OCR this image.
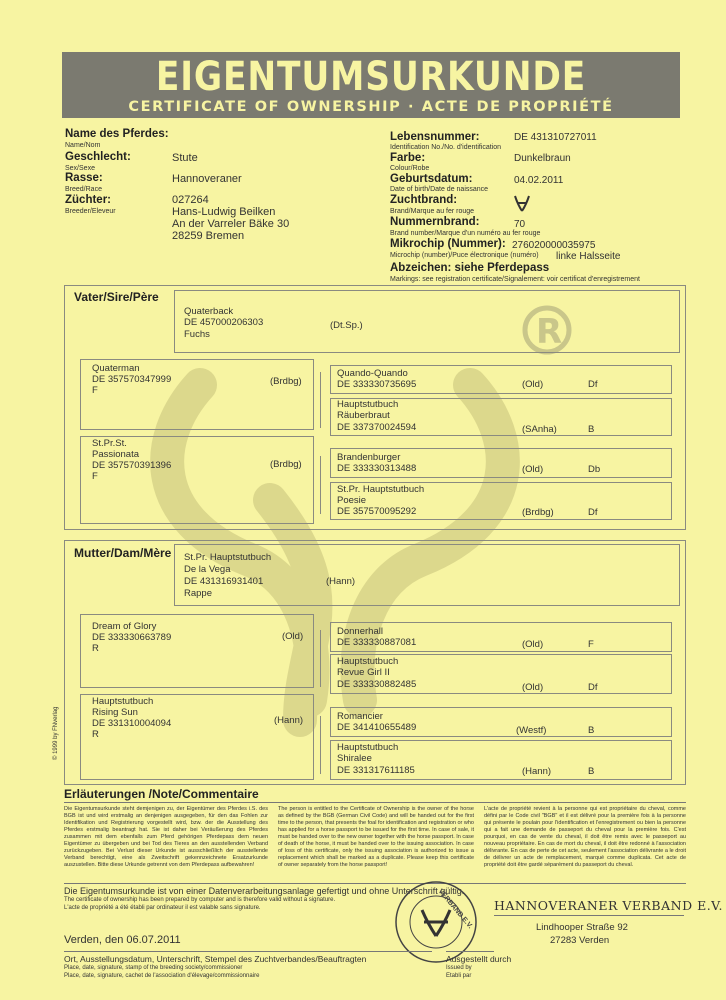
R
EIGENTUMSURKUNDE
CERTIFICATE OF OWNERSHIP · ACTE DE PROPRIÉTÉ
Name des Pferdes:
Name/Nom
Geschlecht:
Sex/Sexe
Stute
Rasse:
Breed/Race
Hannoveraner
Züchter:
Breeder/Eleveur
027264
Hans-Ludwig Beilken
An der Varreler Bäke 30
28259 Bremen
Lebensnummer:	DE 431310727011
Identification No./No. d'identification
Farbe:	Dunkelbraun
Colour/Robe
Geburtsdatum:	04.02.2011
Date of birth/Date de naissance
Zuchtbrand:
Brand/Marque au fer rouge
Nummernbrand:	70
Brand number/Marque d'un numéro au fer rouge
Mikrochip (Nummer): 276020000035975
Microchip (number)/Puce électronique (numéro) linke Halsseite
Abzeichen: siehe Pferdepass
Markings: see registration certificate/Signalement: voir certificat d'enregistrement
Vater/Sire/Père
Quaterback
DE 457000206303	(Dt.Sp.)
Fuchs
Quaterman
DE 357570347999	(Brdbg)
F
St.Pr.St.
Passionata
DE 357570391396	(Brdbg)
F
Quando-Quando
DE 333330735695	(Old)	Df
Hauptstutbuch
Räuberbraut
DE 337370024594	(SAnha)	B
Brandenburger
DE 333330313488	(Old)	Db
St.Pr. Hauptstutbuch
Poesie
DE 357570095292	(Brdbg)	Df
Mutter/Dam/Mère St.Pr. Hauptstutbuch
De la Vega
DE 431316931401	(Hann)
Rappe
Dream of Glory
DE 333330663789	(Old)
R
Hauptstutbuch
Rising Sun
DE 331310004094	(Hann)
R
Donnerhall
DE 333330887081	(Old)	F
Hauptstutbuch
Revue Girl II
DE 333330882485	(Old)	Df
Romancier
DE 341410655489	(Westf)	B
Hauptstutbuch
Shiralee
DE 331317611185	(Hann)	B
© 1999 by FNverlag
Erläuterungen /Note/Commentaire
Die Eigentumsurkunde steht demjenigen zu, der Eigentümer des Pferdes i.S. des BGB ist und wird erstmalig an denjenigen ausgegeben, für den das Fohlen zur Identifikation und Registrierung vorgestellt wird, bzw. der die Ausstellung des Pferdes erstmalig beantragt hat. Sie ist daher bei Veräußerung des Pferdes zusammen mit dem ebenfalls zum Pferd gehörigen Pferdepass dem neuen Eigentümer zu übergeben und bei Tod des Tieres an den ausstellenden Verband zurückzugeben. Bei Verlust dieser Urkunde ist ausschließlich der ausstellende Verband berechtigt, eine als Zweitschrift gekennzeichnete Ersatzurkunde auszustellen. Bitte diese Urkunde getrennt von dem Pferdepass aufbewahren!
The person is entitled to the Certificate of Ownership is the owner of the horse as defined by the BGB (German Civil Code) and will be handed out for the first time to the person, that presents the foal for identification and registration or who has applied for a horse passport to be issued for the first time. In case of sale, it must be handed over to the new owner together with the horse passport. In case of death of the horse, it must be handed over to the issuing association. In case of loss of this certificate, only the issuing association is authorized to issue a replacement which shall be marked as a duplicate. Please keep this certificate of owner separately from the horse passport!
L'acte de propriété revient à la personne qui est propriétaire du cheval, comme défini par le Code civil "BGB" et il est délivré pour la première fois à la personne qui présente le poulain pour l'identification et l'enregistrement ou bien la personne qui a fait une demande de passeport du cheval pour la première fois. C'est pourquoi, en cas de vente du cheval, il doit être remis avec le passeport au nouveau propriétaire. En cas de mort du cheval, il doit être redonné à l'association délivrante. En cas de perte de cet acte, seulement l'association délivrante a le droit de délivrer un acte de remplacement, marqué comme duplicata. Cet acte de propriété doit être gardé séparément du passeport du cheval.
Die Eigentumsurkunde ist von einer Datenverarbeitungsanlage gefertigt und ohne Unterschrift gültig.
The certificate of ownership has been prepared by computer and is therefore valid without a signature.
L'acte de propriété a été établi par ordinateur il est valable sans signature.	VERBAND E.V. HANNOVERANER VERBAND E.V.
Lindhooper Straße 92
27283 Verden
Verden, den 06.07.2011
Ort, Ausstellungsdatum, Unterschrift, Stempel des Zuchtverbandes/Beauftragten
Place, date, signature, stamp of the breeding society/commissioner
Place, date, signature, cachet de l'association d'élevage/commissionnaire
Ausgestellt durch
Issued by
Etabli par
